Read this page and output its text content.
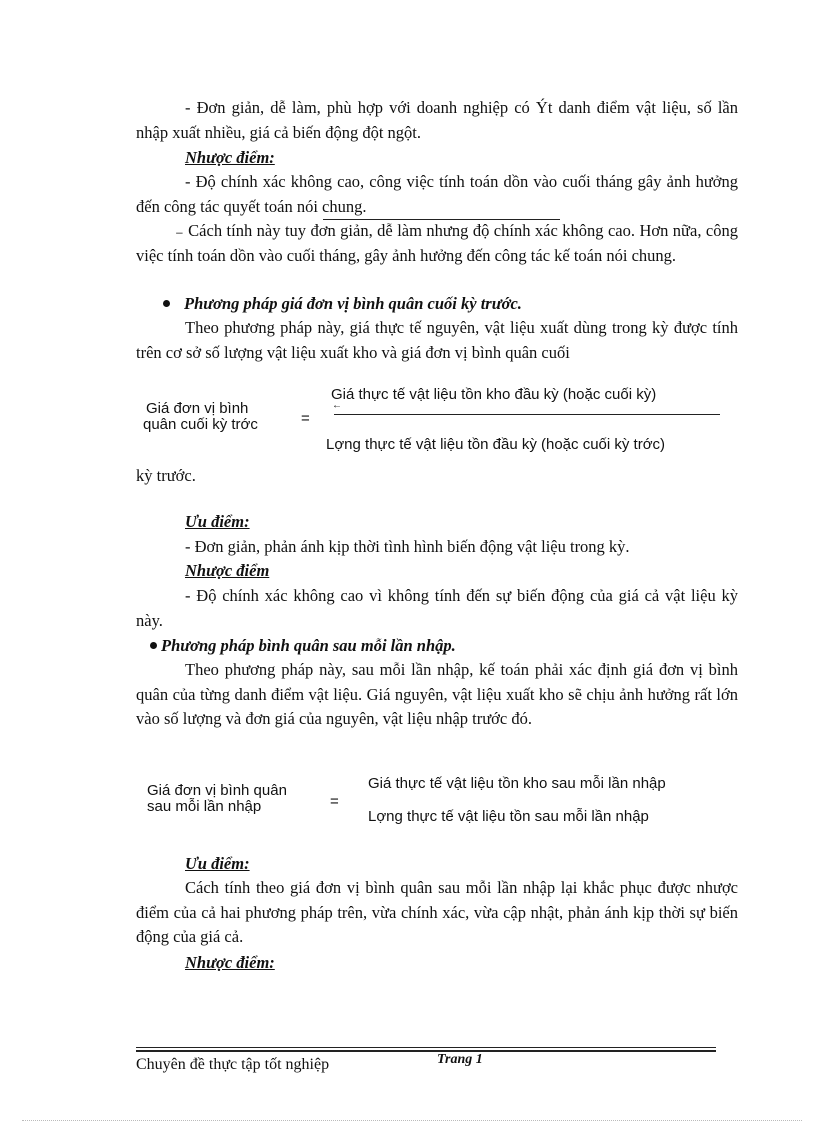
- Đơn giản, dễ làm, phù hợp với doanh nghiệp có Ýt danh điểm vật liệu, số lần nhập xuất nhiều, giá cả biến động đột ngột.
Nhược điểm:
- Độ chính xác không cao, công việc tính toán dồn vào cuối tháng gây ảnh hưởng đến công tác quyết toán nói chung.
₋ Cách tính này tuy đơn giản, dễ làm nhưng độ chính xác không cao. Hơn nữa, công việc tính toán dồn vào cuối tháng, gây ảnh hưởng đến công tác kế toán nói chung.
Phương pháp giá đơn vị bình quân cuối kỳ trước.
Theo phương pháp này, giá thực tế nguyên, vật liệu xuất dùng trong kỳ được tính trên cơ sở số lượng vật liệu xuất kho và giá đơn vị bình quân cuối
Giá đơn vị bình
quân cuối kỳ trớc	=
Giá thực tế vật liệu tồn kho đầu kỳ (hoặc cuối kỳ)
←
Lợng thực tế vật liệu tồn đầu kỳ (hoặc cuối kỳ trớc)
kỳ trước.
Ưu điểm:
- Đơn giản, phản ánh kịp thời tình hình biến động vật liệu trong kỳ.
Nhược điểm
- Độ chính xác không cao vì không tính đến sự biến động của giá cả vật liệu kỳ này.
Phương pháp bình quân sau mỗi lần nhập.
Theo phương pháp này, sau mỗi lần nhập, kế toán phải xác định giá đơn vị bình quân của từng danh điểm vật liệu. Giá nguyên, vật liệu xuất kho sẽ chịu ảnh hưởng rất lớn vào số lượng và đơn giá của nguyên, vật liệu nhập trước đó.
Giá đơn vị bình quân
sau mỗi lần nhập	=
Giá thực tế vật liệu tồn kho sau mỗi lần nhập
Lợng thực tế vật liệu tồn sau mỗi lần nhập
Ưu điểm:
Cách tính theo giá đơn vị bình quân sau mỗi lần nhập lại khắc phục được nhược điểm của cả hai phương pháp trên, vừa chính xác, vừa cập nhật, phản ánh kịp thời sự biến động của giá cả.
Nhược điểm:
Chuyên đề thực tập tốt nghiệp	Trang 1
